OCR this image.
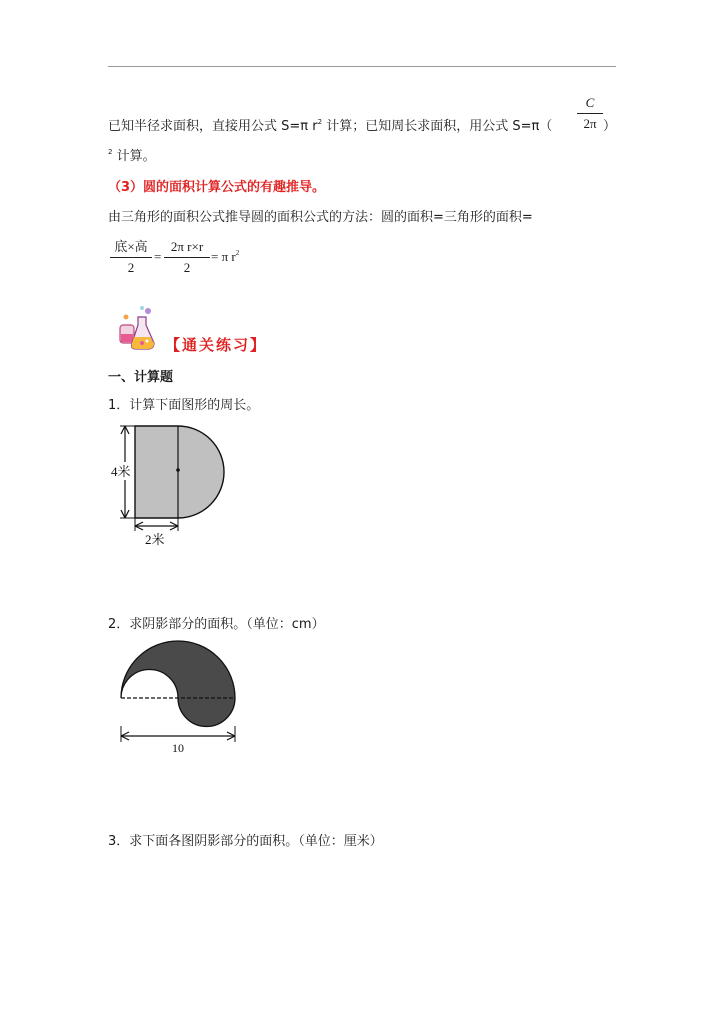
已知半径求面积，直接用公式 S=π $r^2$ 计算；已知周长求面积，用公式 S=π（
C
2π ）
$^2$ 计算。
（3）圆的面积计算公式的有趣推导。
由三角形的面积公式推导圆的面积公式的方法：圆的面积=三角形的面积=
底×高
2
=
2π r×r
2
= π $r^2$
【通关练习】
一、计算题
1．计算下面图形的周长。
4米
2米
2．求阴影部分的面积。（单位：cm）
10
3．求下面各图阴影部分的面积。（单位：厘米）
